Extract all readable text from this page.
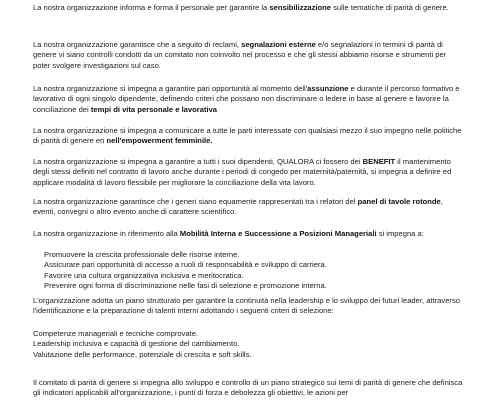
La nostra organizzazione informa e forma il personale per garantire la sensibilizzazione sulle tematiche di parità di genere.

La nostra organizzazione garantisce che a seguito di reclami, segnalazioni esterne e/o segnalazioni in termini di parità di genere vi siano controlli condotti da un comitato non coinvolto nel processo e che gli stessi abbiamo risorse e strumenti per poter svolgere investigazioni sul caso.

La nostra organizzazione si impegna a garantire pari opportunità al momento dell'assunzione e durante il percorso formativo e lavorativo di ogni singolo dipendente, definendo criteri che possano non discriminare o ledere in base al genere e favorire la conciliazione dei tempi di vita personale e lavorativa

La nostra organizzazione si impegna a comunicare a tutte le parti interessate con qualsiasi mezzo il suo impegno nelle politiche di parità di genere en nell'empowerment femminile.

La nostra organizzazione si impegna a garantire a tutti i suoi dipendenti, QUALORA ci fossero dei BENEFIT il mantenimento degli stessi definiti nel contratto di lavoro anche durante i periodi di congedo per maternità/paternità, si impegna a definire ed applicare modalità di lavoro flessibile per migliorare la conciliazione della vita lavoro.

La nostra organizzazione garantisce che i generi siano equamente rappresentati tra i relatori del panel di tavole rotonde, eventi, convegni o altro evento anche di carattere scientifico.

La nostra organizzazione in riferimento alla Mobilità Interna e Successione a Posizioni Manageriali si impegna a:

Promuovere la crescita professionale delle risorse interne.
Assicurare pari opportunità di accesso a ruoli di responsabilità e sviluppo di carriera.
Favorire una cultura organizzativa inclusiva e meritocratica.
Prevenire ogni forma di discriminazione nelle fasi di selezione e promozione interna.

L'organizzazione adotta un piano strutturato per garantire la continuità nella leadership e lo sviluppo dei futuri leader, attraverso l'identificazione e la preparazione di talenti interni adottando i seguenti criteri di selezione:

Competenze manageriali e tecniche comprovate.
Leadership inclusiva e capacità di gestione del cambiamento.
Valutazione delle performance, potenziale di crescita e soft skills.

Il comitato di parità di genere si impegna allo sviluppo e controllo di un piano strategico sui temi di parità di genere che definisca gli indicatori applicabili all'organizzazione, i punti di forza e debolezza gli obiettivi, le azioni per
